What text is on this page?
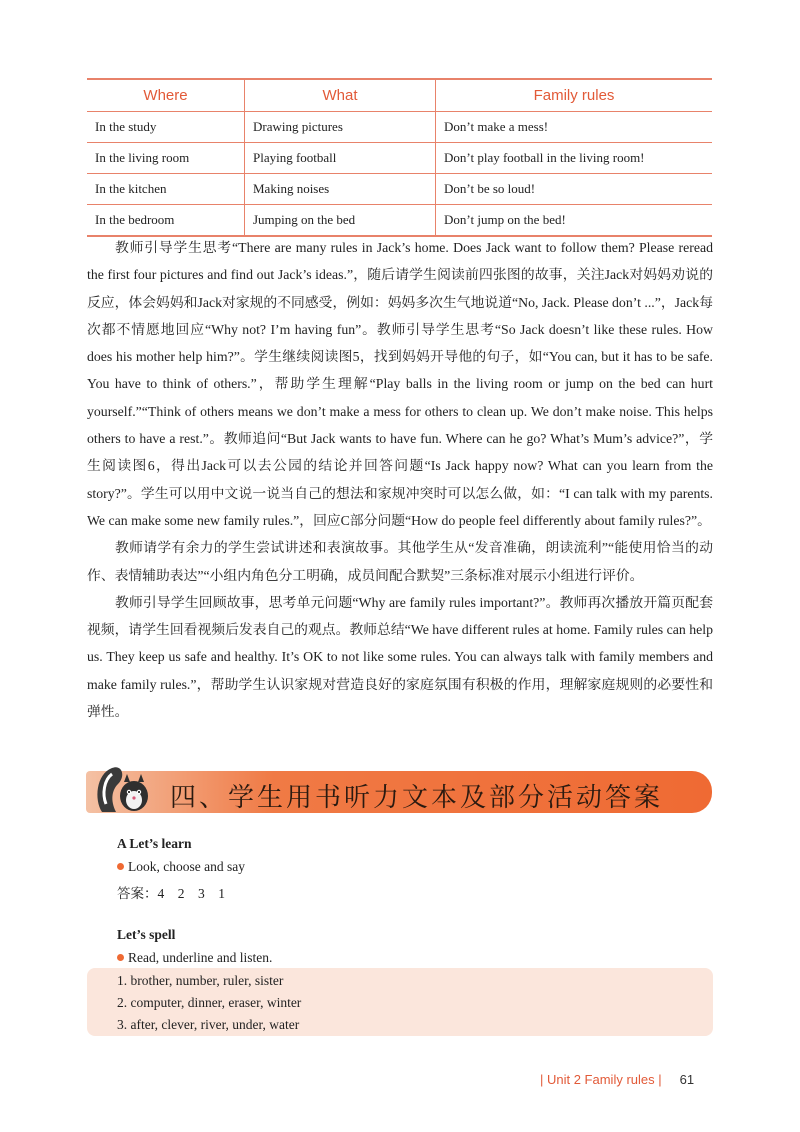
Where	What	Family rules
In the study	Drawing pictures	Don’t make a mess!
In the living room	Playing football	Don’t play football in the living room!
In the kitchen	Making noises	Don’t be so loud!
In the bedroom	Jumping on the bed	Don’t jump on the bed!

教师引导学生思考“There are many rules in Jack’s home. Does Jack want to follow them? Please reread the first four pictures and find out Jack’s ideas.”，随后请学生阅读前四张图的故事，关注Jack对妈妈劝说的反应，体会妈妈和Jack对家规的不同感受，例如：妈妈多次生气地说道“No, Jack. Please don’t ...”，Jack每次都不情愿地回应“Why not? I’m having fun”。教师引导学生思考“So Jack doesn’t like these rules. How does his mother help him?”。学生继续阅读图5，找到妈妈开导他的句子，如“You can, but it has to be safe. You have to think of others.”，帮助学生理解“Play balls in the living room or jump on the bed can hurt yourself.”“Think of others means we don’t make a mess for others to clean up. We don’t make noise. This helps others to have a rest.”。教师追问“But Jack wants to have fun. Where can he go? What’s Mum’s advice?”，学生阅读图6，得出Jack可以去公园的结论并回答问题“Is Jack happy now? What can you learn from the story?”。学生可以用中文说一说当自己的想法和家规冲突时可以怎么做，如：“I can talk with my parents. We can make some new family rules.”，回应C部分问题“How do people feel differently about family rules?”。

教师请学有余力的学生尝试讲述和表演故事。其他学生从“发音准确，朗读流利”“能使用恰当的动作、表情辅助表达”“小组内角色分工明确，成员间配合默契”三条标准对展示小组进行评价。

教师引导学生回顾故事，思考单元问题“Why are family rules important?”。教师再次播放开篇页配套视频，请学生回看视频后发表自己的观点。教师总结“We have different rules at home. Family rules can help us. They keep us safe and healthy. It’s OK to not like some rules. You can always talk with family members and make family rules.”，帮助学生认识家规对营造良好的家庭氛围有积极的作用，理解家庭规则的必要性和弹性。

四、学生用书听力文本及部分活动答案
A Let’s learn
Look, choose and say
答案：4　2　3　1
Let’s spell
Read, underline and listen.
1. brother, number, ruler, sister
2. computer, dinner, eraser, winter
3. after, clever, river, under, water
| Unit 2 Family rules | 61
